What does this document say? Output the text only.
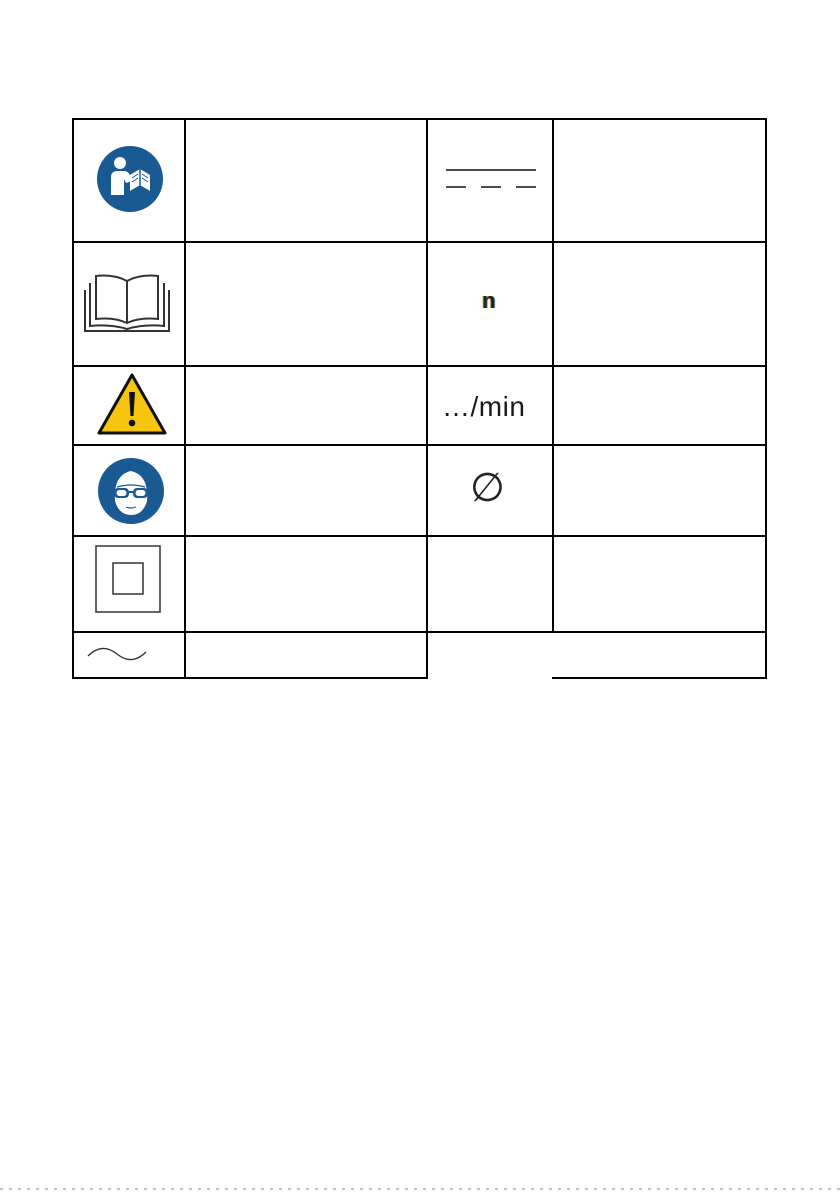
n
…/min
∅
